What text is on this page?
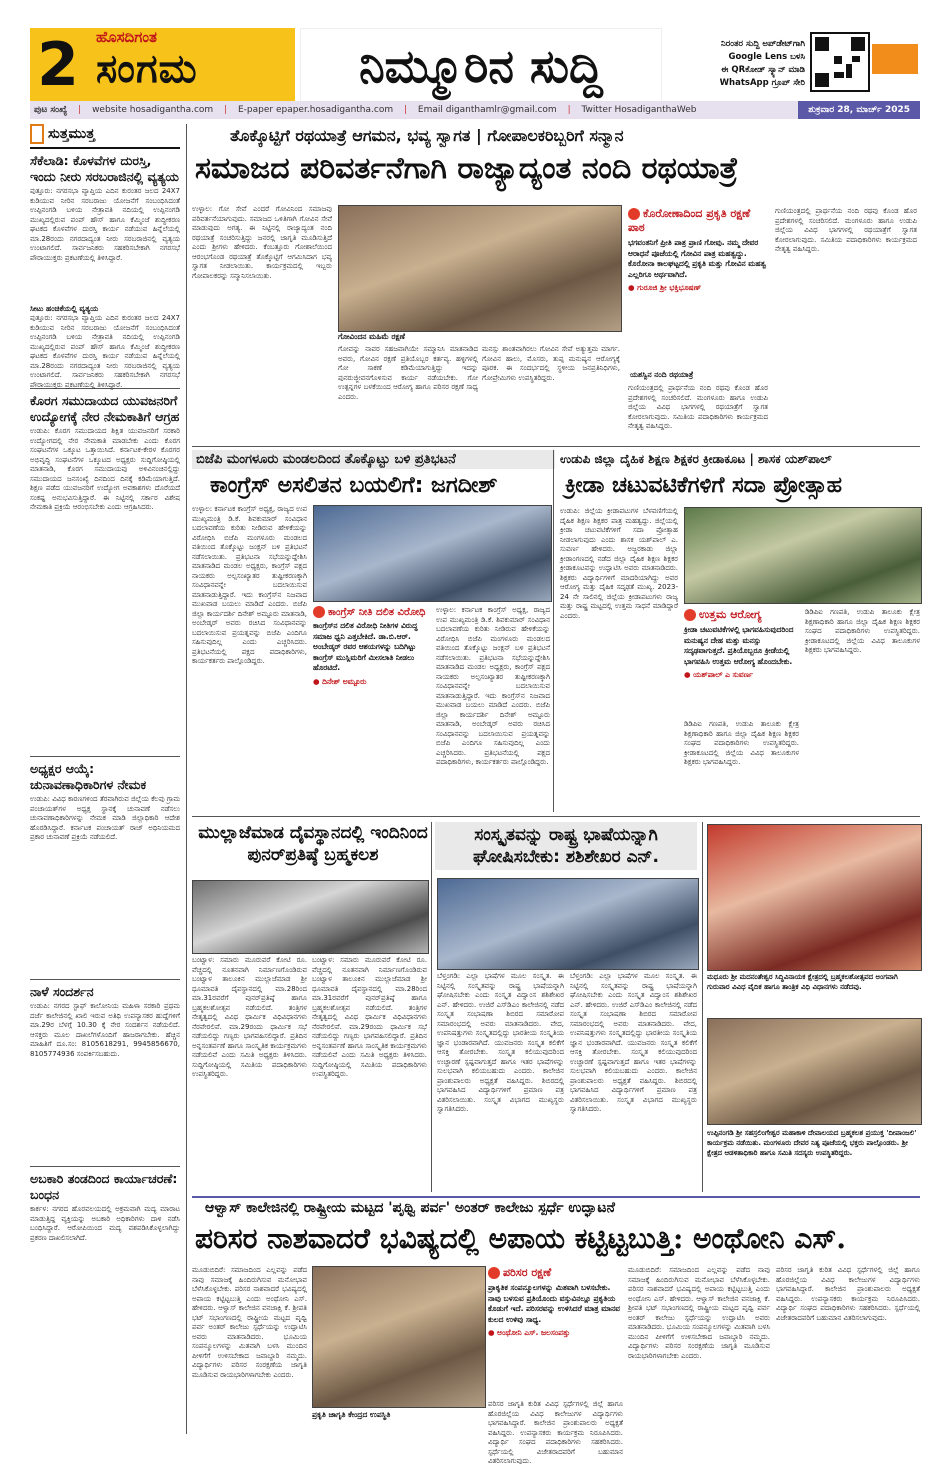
2	ಹೊಸದಿಗಂತ
ಸಂಗಮ	ನಿಮ್ಮೂರಿನ ಸುದ್ದಿ	ನಿರಂತರ ಸುದ್ದಿ ಅಪ್‌ಡೇಟ್‌ಗಾಗಿ
Google Lens ಬಳಸಿ
ಈ QR‌ಕೋಡ್ ಸ್ಕ್ಯಾನ್ ಮಾಡಿ
WhatsApp ಗ್ರೂಪ್ ಸೇರಿ
ಪುಟ ಸಂಖ್ಯೆ | website hosadigantha.com | E-paper epaper.hosadigantha.com | Email diganthamlr@gmail.com | Twitter HosadiganthaWeb	ಶುಕ್ರವಾರ 28, ಮಾರ್ಚ್ 2025
ಸುತ್ತಮುತ್ತ
ಸೆಕೆಲಾಡಿ: ಕೊಳವೆಗಳ ದುರಸ್ತಿ, ಇಂದು ನೀರು ಸರಬರಾಜಿನಲ್ಲಿ ವ್ಯತ್ಯಯ
ಪುತ್ತೂರು: ನಗರಸಭಾ ವ್ಯಾಪ್ತಿಯ ಎದಿನ ಕುರಂತರ ಜಲದ 24X7 ಕುಡಿಯುವ ನೀರಿನ ಸರಬರಾಜು ಯೋಜನೆಗೆ ಸಂಬಂಧಿಸಿದಂತೆ ಉಪ್ಪಿನಂಗಡಿ ಬಳಿಯ ನೇತ್ರಾವತಿ ನದಿಯಲ್ಲಿ ಉಪ್ಪಿನಂಗಡಿ ಮುಖ್ಯದಲ್ಲಿರುವ ಪಂಪ್ ಹೌಸ್ ಹಾಗೂ ಕೆಮ್ಮಿಂಜೆ ಶುದ್ಧೀಕರಣ ಘಟಕದ ಕೊಳವೆಗಳ ದುರಸ್ತಿ ಕಾರ್ಯ ನಡೆಯುವ ಹಿನ್ನೆಲೆಯಲ್ಲಿ ಮಾ.28ರಂದು ನಗರದಾದ್ಯಂತ ನೀರು ಸರಬರಾಜಿನಲ್ಲಿ ವ್ಯತ್ಯಯ ಉಂಟಾಗಲಿದೆ. ಸಾರ್ವಜನಿಕರು ಸಹಕರಿಸಬೇಕಾಗಿ ನಗರಸಭೆ ಪೌರಾಯುಕ್ತರು ಪ್ರಕಟಣೆಯಲ್ಲಿ ತಿಳಿಸಿದ್ದಾರೆ.
ಸೀಟು ಹಂಚಿಕೆಯಲ್ಲಿ ವ್ಯತ್ಯಯ
ಪುತ್ತೂರು: ನಗರಸಭಾ ವ್ಯಾಪ್ತಿಯ ಎದಿನ ಕುರಂತರ ಜಲದ 24X7 ಕುಡಿಯುವ ನೀರಿನ ಸರಬರಾಜು ಯೋಜನೆಗೆ ಸಂಬಂಧಿಸಿದಂತೆ ಉಪ್ಪಿನಂಗಡಿ ಬಳಿಯ ನೇತ್ರಾವತಿ ನದಿಯಲ್ಲಿ ಉಪ್ಪಿನಂಗಡಿ ಮುಖ್ಯದಲ್ಲಿರುವ ಪಂಪ್ ಹೌಸ್ ಹಾಗೂ ಕೆಮ್ಮಿಂಜೆ ಶುದ್ಧೀಕರಣ ಘಟಕದ ಕೊಳವೆಗಳ ದುರಸ್ತಿ ಕಾರ್ಯ ನಡೆಯುವ ಹಿನ್ನೆಲೆಯಲ್ಲಿ ಮಾ.28ರಂದು ನಗರದಾದ್ಯಂತ ನೀರು ಸರಬರಾಜಿನಲ್ಲಿ ವ್ಯತ್ಯಯ ಉಂಟಾಗಲಿದೆ. ಸಾರ್ವಜನಿಕರು ಸಹಕರಿಸಬೇಕಾಗಿ ನಗರಸಭೆ ಪೌರಾಯುಕ್ತರು ಪ್ರಕಟಣೆಯಲ್ಲಿ ತಿಳಿಸಿದ್ದಾರೆ.
ಕೊರಗ ಸಮುದಾಯದ ಯುವಜನರಿಗೆ ಉದ್ಯೋಗಕ್ಕೆ ನೇರ ನೇಮಕಾತಿಗೆ ಆಗ್ರಹ
ಉಡುಪಿ: ಕೊರಗ ಸಮುದಾಯದ ಶಿಕ್ಷಿತ ಯುವಜನರಿಗೆ ಸರಕಾರಿ ಉದ್ಯೋಗದಲ್ಲಿ ನೇರ ನೇಮಕಾತಿ ಮಾಡಬೇಕು ಎಂದು ಕೊರಗ ಸಂಘಟನೆಗಳ ಒಕ್ಕೂಟ ಒತ್ತಾಯಿಸಿದೆ. ಕರ್ನಾಟಕ-ಕೇರಳ ಕೊರಗರ ಅಭಿವೃದ್ಧಿ ಸಂಘಟನೆಗಳ ಒಕ್ಕೂಟದ ಅಧ್ಯಕ್ಷರು ಸುದ್ದಿಗೋಷ್ಠಿಯಲ್ಲಿ ಮಾತನಾಡಿ, ಕೊರಗ ಸಮುದಾಯವು ಅಳಿವಿನಂಚಿನಲ್ಲಿದ್ದು ಸಮುದಾಯದ ಜನಸಂಖ್ಯೆ ದಿನದಿಂದ ದಿನಕ್ಕೆ ಕಡಿಮೆಯಾಗುತ್ತಿದೆ. ಶಿಕ್ಷಣ ಪಡೆದ ಯುವಜನರಿಗೆ ಉದ್ಯೋಗ ಅವಕಾಶಗಳು ದೊರೆಯದೆ ಸಂಕಷ್ಟ ಅನುಭವಿಸುತ್ತಿದ್ದಾರೆ. ಈ ನಿಟ್ಟಿನಲ್ಲಿ ಸರ್ಕಾರ ವಿಶೇಷ ನೇಮಕಾತಿ ಪ್ರಕ್ರಿಯೆ ಆರಂಭಿಸಬೇಕು ಎಂದು ಆಗ್ರಹಿಸಿದರು.
ಅಧ್ಯಕ್ಷರ ಆಯ್ಕೆ: ಚುನಾವಣಾಧಿಕಾರಿಗಳ ನೇಮಕ
ಉಡುಪಿ: ವಿವಿಧ ಕಾರಣಗಳಿಂದ ತೆರವಾಗಿರುವ ಜಿಲ್ಲೆಯ ಕೆಲವು ಗ್ರಾಮ ಪಂಚಾಯತ್‌ಗಳ ಅಧ್ಯಕ್ಷ ಸ್ಥಾನಕ್ಕೆ ಚುನಾವಣೆ ನಡೆಸಲು ಚುನಾವಣಾಧಿಕಾರಿಗಳನ್ನು ನೇಮಕ ಮಾಡಿ ಜಿಲ್ಲಾಧಿಕಾರಿ ಆದೇಶ ಹೊರಡಿಸಿದ್ದಾರೆ. ಕರ್ನಾಟಕ ಪಂಚಾಯತ್ ರಾಜ್ ಅಧಿನಿಯಮದ ಪ್ರಕಾರ ಚುನಾವಣೆ ಪ್ರಕ್ರಿಯೆ ನಡೆಯಲಿದೆ.
ನಾಳೆ ಸಂದರ್ಶನ
ಉಡುಪಿ: ನಗರದ ಸ್ಟಾಫ್ ಕಾಲೋನಿಯ ಮಹಿಳಾ ಸರಕಾರಿ ಪ್ರಥಮ ದರ್ಜೆ ಕಾಲೇಜಿನಲ್ಲಿ ಖಾಲಿ ಇರುವ ಅತಿಥಿ ಉಪನ್ಯಾಸಕರ ಹುದ್ದೆಗಳಿಗೆ ಮಾ.29ರ ಬೆಳಗ್ಗೆ 10.30 ಕ್ಕೆ ನೇರ ಸಂದರ್ಶನ ನಡೆಯಲಿದೆ. ಆಸಕ್ತರು ಮೂಲ ದಾಖಲೆಗಳೊಂದಿಗೆ ಹಾಜರಾಗಬೇಕು. ಹೆಚ್ಚಿನ ಮಾಹಿತಿಗೆ ದೂ.ಸಂ: 8105618291, 9945856670, 8105774936 ಸಂಪರ್ಕಿಸಬಹುದು.
ಅಬಕಾರಿ ತಂಡದಿಂದ ಕಾರ್ಯಾಚರಣೆ: ಬಂಧನ
ಕಾರ್ಕಳ: ನಗರದ ಹೊರವಲಯದಲ್ಲಿ ಅಕ್ರಮವಾಗಿ ಮದ್ಯ ಮಾರಾಟ ಮಾಡುತ್ತಿದ್ದ ವ್ಯಕ್ತಿಯನ್ನು ಅಬಕಾರಿ ಅಧಿಕಾರಿಗಳು ದಾಳಿ ನಡೆಸಿ ಬಂಧಿಸಿದ್ದಾರೆ. ಆರೋಪಿಯಿಂದ ಮದ್ಯ ವಶಪಡಿಸಿಕೊಳ್ಳಲಾಗಿದ್ದು ಪ್ರಕರಣ ದಾಖಲಿಸಲಾಗಿದೆ.
ತೊಕ್ಕೊಟ್ಟಿಗೆ ರಥಯಾತ್ರೆ ಆಗಮನ, ಭವ್ಯ ಸ್ವಾಗತ | ಗೋಪಾಲಕರಿಬ್ಬರಿಗೆ ಸನ್ಮಾನ
ಸಮಾಜದ ಪರಿವರ್ತನೆಗಾಗಿ ರಾಜ್ಯಾದ್ಯಂತ ನಂದಿ ರಥಯಾತ್ರೆ
ಉಳ್ಳಾಲ: ಗೋ ಸೇವೆ ಎಂದರೆ ಗೋವಿನಿಂದ ಸಮಾಜವು ಪರಿವರ್ತನೆಯಾಗುವುದು. ಸಮಾಜದ ಒಳಿತಿಗಾಗಿ ಗೋವಿನ ಸೇವೆ ಮಾಡುವುದು ಅಗತ್ಯ. ಈ ನಿಟ್ಟಿನಲ್ಲಿ ರಾಜ್ಯಾದ್ಯಂತ ನಂದಿ ರಥಯಾತ್ರೆ ಸಂಚರಿಸುತ್ತಿದ್ದು ಜನರಲ್ಲಿ ಜಾಗೃತಿ ಮೂಡಿಸುತ್ತಿದೆ ಎಂದು ಶ್ರೀಗಳು ಹೇಳಿದರು. ಕೆಂಬತ್ತೂರು ಗೋಶಾಲೆಯಿಂದ ಆರಂಭಗೊಂಡ ರಥಯಾತ್ರೆ ತೊಕ್ಕೊಟ್ಟಿಗೆ ಆಗಮಿಸಿದಾಗ ಭವ್ಯ ಸ್ವಾಗತ ನೀಡಲಾಯಿತು. ಕಾರ್ಯಕ್ರಮದಲ್ಲಿ ಇಬ್ಬರು ಗೋಪಾಲಕರನ್ನು ಸನ್ಮಾನಿಸಲಾಯಿತು.
ಗೋವಿಂದನ ಮಹಿಮೆ ರಕ್ಷಣೆ
ಗೋವನ್ನು ನಾವರ ಸಹಜವಾಗಿಯೇ ಸಮ್ಮಾನಿಸಿ ಮಾತನಾಡಿದ ಅವರು, ಗೋವಿನ ರಕ್ಷಣೆ ಪ್ರತಿಯೊಬ್ಬರ ಕರ್ತವ್ಯ. ಹಳ್ಳಿಗಳಲ್ಲಿ ಗೋ ಸಾಕಣೆ ಕಡಿಮೆಯಾಗುತ್ತಿದ್ದು ಇದನ್ನು ಪುನರುಜ್ಜೀವನಗೊಳಿಸುವ ಕಾರ್ಯ ನಡೆಯಬೇಕು. ಗೋ ಉತ್ಪನ್ನಗಳ ಬಳಕೆಯಿಂದ ಆರೋಗ್ಯ ಹಾಗೂ ಪರಿಸರ ರಕ್ಷಣೆ ಸಾಧ್ಯ ಎಂದರು.
ಮನಸ್ಸು ಶಾಂತವಾಗಿರಲು ಗೋವಿನ ಸೇವೆ ಅತ್ಯುತ್ತಮ ಮಾರ್ಗ. ಗೋವಿನ ಹಾಲು, ಮೊಸರು, ತುಪ್ಪ ಮನುಷ್ಯನ ಆರೋಗ್ಯಕ್ಕೆ ಪೂರಕ. ಈ ಸಂದರ್ಭದಲ್ಲಿ ಸ್ಥಳೀಯ ಜನಪ್ರತಿನಿಧಿಗಳು, ಗೋಪ್ರೇಮಿಗಳು ಉಪಸ್ಥಿತರಿದ್ದರು.
ಕೊರೋಣಾದಿಂದ ಪ್ರಕೃತಿ ರಕ್ಷಣೆ ಪಾಠ
ಭಗವಂತನಿಗೆ ಪ್ರೀತಿ ಪಾತ್ರ ಪ್ರಾಣಿ ಗೋವು. ನಮ್ಮ ದೇವರ ಆರಾಧನೆ ಪೂಜೆಯಲ್ಲಿ ಗೋವಿನ ಪಾತ್ರ ಮಹತ್ವದ್ದು. ಕೊರೋನಾ ಕಾಲಘಟ್ಟದಲ್ಲಿ ಪ್ರಕೃತಿ ಮತ್ತು ಗೋವಿನ ಮಹತ್ವ ಎಲ್ಲರಿಗೂ ಅರ್ಥವಾಗಿದೆ.
● ಗುರೂಜಿ ಶ್ರೀ ಭಕ್ತಿಭೂಷಣ್
ಯಶಸ್ವಿನ ನಂದಿ ರಥಯಾತ್ರೆ
ಗುಣಿಯಂತ್ರದಲ್ಲಿ ಪ್ರಾರ್ಥನೆಯ ನಂದಿ ರಥವು ಕೊಂಡ ಹೊರ ಪ್ರದೇಶಗಳಲ್ಲಿ ಸಂಚರಿಸಲಿದೆ. ಮಂಗಳೂರು ಹಾಗೂ ಉಡುಪಿ ಜಿಲ್ಲೆಯ ವಿವಿಧ ಭಾಗಗಳಲ್ಲಿ ರಥಯಾತ್ರೆಗೆ ಸ್ವಾಗತ ಕೋರಲಾಗುವುದು. ಸಮಿತಿಯ ಪದಾಧಿಕಾರಿಗಳು ಕಾರ್ಯಕ್ರಮದ ನೇತೃತ್ವ ವಹಿಸಿದ್ದರು.
ಗುಣಿಯಂತ್ರದಲ್ಲಿ ಪ್ರಾರ್ಥನೆಯ ನಂದಿ ರಥವು ಕೊಂಡ ಹೊರ ಪ್ರದೇಶಗಳಲ್ಲಿ ಸಂಚರಿಸಲಿದೆ. ಮಂಗಳೂರು ಹಾಗೂ ಉಡುಪಿ ಜಿಲ್ಲೆಯ ವಿವಿಧ ಭಾಗಗಳಲ್ಲಿ ರಥಯಾತ್ರೆಗೆ ಸ್ವಾಗತ ಕೋರಲಾಗುವುದು. ಸಮಿತಿಯ ಪದಾಧಿಕಾರಿಗಳು ಕಾರ್ಯಕ್ರಮದ ನೇತೃತ್ವ ವಹಿಸಿದ್ದರು.
ಬಿಜೆಪಿ ಮಂಗಳೂರು ಮಂಡಲದಿಂದ ತೊಕ್ಕೊಟ್ಟು ಬಳಿ ಪ್ರತಿಭಟನೆ
ಕಾಂಗ್ರೆಸ್ ಅಸಲಿತನ ಬಯಲಿಗೆ: ಜಗದೀಶ್
ಉಳ್ಳಾಲ: ಕರ್ನಾಟಕ ಕಾಂಗ್ರೆಸ್ ಅಧ್ಯಕ್ಷ, ರಾಜ್ಯದ ಉಪ ಮುಖ್ಯಮಂತ್ರಿ ಡಿ.ಕೆ. ಶಿವಕುಮಾರ್ ಸಂವಿಧಾನ ಬದಲಾವಣೆಯ ಕುರಿತು ನೀಡಿರುವ ಹೇಳಿಕೆಯನ್ನು ವಿರೋಧಿಸಿ ಬಿಜೆಪಿ ಮಂಗಳೂರು ಮಂಡಲದ ವತಿಯಿಂದ ತೊಕ್ಕೊಟ್ಟು ಜಂಕ್ಷನ್ ಬಳಿ ಪ್ರತಿಭಟನೆ ನಡೆಸಲಾಯಿತು. ಪ್ರತಿಭಟನಾ ಸಭೆಯನ್ನುದ್ದೇಶಿಸಿ ಮಾತನಾಡಿದ ಮಂಡಲ ಅಧ್ಯಕ್ಷರು, ಕಾಂಗ್ರೆಸ್ ಪಕ್ಷದ ನಾಯಕರು ಅಲ್ಪಸಂಖ್ಯಾತರ ತುಷ್ಟೀಕರಣಕ್ಕಾಗಿ ಸಂವಿಧಾನವನ್ನೇ ಬದಲಾಯಿಸುವ ಮಾತನಾಡುತ್ತಿದ್ದಾರೆ. ಇದು ಕಾಂಗ್ರೆಸ್‌ನ ನಿಜವಾದ ಮುಖವಾಡ ಬಯಲು ಮಾಡಿದೆ ಎಂದರು. ಬಿಜೆಪಿ ಜಿಲ್ಲಾ ಕಾರ್ಯದರ್ಶಿ ದಿನೇಶ್ ಅಮ್ಟೂರು ಮಾತನಾಡಿ, ಅಂಬೇಡ್ಕರ್ ಅವರು ರಚಿಸಿದ ಸಂವಿಧಾನವನ್ನು ಬದಲಾಯಿಸುವ ಪ್ರಯತ್ನವನ್ನು ಬಿಜೆಪಿ ಎಂದಿಗೂ ಸಹಿಸುವುದಿಲ್ಲ ಎಂದು ಎಚ್ಚರಿಸಿದರು. ಪ್ರತಿಭಟನೆಯಲ್ಲಿ ಪಕ್ಷದ ಪದಾಧಿಕಾರಿಗಳು, ಕಾರ್ಯಕರ್ತರು ಪಾಲ್ಗೊಂಡಿದ್ದರು.
ಕಾಂಗ್ರೆಸ್ ನೀತಿ ದಲಿತ ವಿರೋಧಿ
ಕಾಂಗ್ರೆಸ್‌ನ ದಲಿತ ವಿರೋಧಿ ನೀತಿಗಳ ವಿರುದ್ಧ ಸಮಾಜ ಧ್ವನಿ ಎತ್ತಬೇಕಿದೆ. ಡಾ.ಬಿ.ಆರ್. ಅಂಬೇಡ್ಕರ್ ರವರ ಆಶಯಗಳನ್ನು ಬದಿಗಿಟ್ಟು ಕಾಂಗ್ರೆಸ್ ಮುಸ್ಲಿಮರಿಗೆ ಮೀಸಲಾತಿ ನೀಡಲು ಹೊರಟಿದೆ.
● ದಿನೇಶ್ ಅಮ್ಟೂರು
ಉಳ್ಳಾಲ: ಕರ್ನಾಟಕ ಕಾಂಗ್ರೆಸ್ ಅಧ್ಯಕ್ಷ, ರಾಜ್ಯದ ಉಪ ಮುಖ್ಯಮಂತ್ರಿ ಡಿ.ಕೆ. ಶಿವಕುಮಾರ್ ಸಂವಿಧಾನ ಬದಲಾವಣೆಯ ಕುರಿತು ನೀಡಿರುವ ಹೇಳಿಕೆಯನ್ನು ವಿರೋಧಿಸಿ ಬಿಜೆಪಿ ಮಂಗಳೂರು ಮಂಡಲದ ವತಿಯಿಂದ ತೊಕ್ಕೊಟ್ಟು ಜಂಕ್ಷನ್ ಬಳಿ ಪ್ರತಿಭಟನೆ ನಡೆಸಲಾಯಿತು. ಪ್ರತಿಭಟನಾ ಸಭೆಯನ್ನುದ್ದೇಶಿಸಿ ಮಾತನಾಡಿದ ಮಂಡಲ ಅಧ್ಯಕ್ಷರು, ಕಾಂಗ್ರೆಸ್ ಪಕ್ಷದ ನಾಯಕರು ಅಲ್ಪಸಂಖ್ಯಾತರ ತುಷ್ಟೀಕರಣಕ್ಕಾಗಿ ಸಂವಿಧಾನವನ್ನೇ ಬದಲಾಯಿಸುವ ಮಾತನಾಡುತ್ತಿದ್ದಾರೆ. ಇದು ಕಾಂಗ್ರೆಸ್‌ನ ನಿಜವಾದ ಮುಖವಾಡ ಬಯಲು ಮಾಡಿದೆ ಎಂದರು. ಬಿಜೆಪಿ ಜಿಲ್ಲಾ ಕಾರ್ಯದರ್ಶಿ ದಿನೇಶ್ ಅಮ್ಟೂರು ಮಾತನಾಡಿ, ಅಂಬೇಡ್ಕರ್ ಅವರು ರಚಿಸಿದ ಸಂವಿಧಾನವನ್ನು ಬದಲಾಯಿಸುವ ಪ್ರಯತ್ನವನ್ನು ಬಿಜೆಪಿ ಎಂದಿಗೂ ಸಹಿಸುವುದಿಲ್ಲ ಎಂದು ಎಚ್ಚರಿಸಿದರು. ಪ್ರತಿಭಟನೆಯಲ್ಲಿ ಪಕ್ಷದ ಪದಾಧಿಕಾರಿಗಳು, ಕಾರ್ಯಕರ್ತರು ಪಾಲ್ಗೊಂಡಿದ್ದರು.
ಉಡುಪಿ ಜಿಲ್ಲಾ ದೈಹಿಕ ಶಿಕ್ಷಣ ಶಿಕ್ಷಕರ ಕ್ರೀಡಾಕೂಟ | ಶಾಸಕ ಯಶ್‌ಪಾಲ್
ಕ್ರೀಡಾ ಚಟುವಟಿಕೆಗಳಿಗೆ ಸದಾ ಪ್ರೋತ್ಸಾಹ
ಉಡುಪಿ: ಜಿಲ್ಲೆಯ ಕ್ರೀಡಾಪಟುಗಳ ಬೆಳವಣಿಗೆಯಲ್ಲಿ ದೈಹಿಕ ಶಿಕ್ಷಣ ಶಿಕ್ಷಕರ ಪಾತ್ರ ಮಹತ್ವದ್ದು. ಜಿಲ್ಲೆಯಲ್ಲಿ ಕ್ರೀಡಾ ಚಟುವಟಿಕೆಗಳಿಗೆ ಸದಾ ಪ್ರೋತ್ಸಾಹ ನೀಡಲಾಗುವುದು ಎಂದು ಶಾಸಕ ಯಶ್‌ಪಾಲ್ ಎ. ಸುವರ್ಣ ಹೇಳಿದರು. ಅಜ್ಜರಕಾಡು ಜಿಲ್ಲಾ ಕ್ರೀಡಾಂಗಣದಲ್ಲಿ ನಡೆದ ಜಿಲ್ಲಾ ದೈಹಿಕ ಶಿಕ್ಷಣ ಶಿಕ್ಷಕರ ಕ್ರೀಡಾಕೂಟವನ್ನು ಉದ್ಘಾಟಿಸಿ ಅವರು ಮಾತನಾಡಿದರು. ಶಿಕ್ಷಕರು ವಿದ್ಯಾರ್ಥಿಗಳಿಗೆ ಮಾದರಿಯಾಗಿದ್ದು ಅವರ ಆರೋಗ್ಯ ಮತ್ತು ದೈಹಿಕ ಸದೃಢತೆ ಮುಖ್ಯ. 2023-24 ನೇ ಸಾಲಿನಲ್ಲಿ ಜಿಲ್ಲೆಯ ಕ್ರೀಡಾಪಟುಗಳು ರಾಜ್ಯ ಮತ್ತು ರಾಷ್ಟ್ರ ಮಟ್ಟದಲ್ಲಿ ಉತ್ತಮ ಸಾಧನೆ ಮಾಡಿದ್ದಾರೆ ಎಂದರು.	ಉತ್ತಮ ಆರೋಗ್ಯ
ಕ್ರೀಡಾ ಚಟುವಟಿಕೆಗಳಲ್ಲಿ ಭಾಗವಹಿಸುವುದರಿಂದ ಮನುಷ್ಯನ ದೇಹ ಮತ್ತು ಮನಸ್ಸು ಸದೃಢವಾಗುತ್ತದೆ. ಪ್ರತಿಯೊಬ್ಬರೂ ಕ್ರೀಡೆಯಲ್ಲಿ ಭಾಗವಹಿಸಿ ಉತ್ತಮ ಆರೋಗ್ಯ ಹೊಂದಬೇಕು.
● ಯಶ್‌ಪಾಲ್ ಎ ಸುವರ್ಣ
ಡಿಡಿಪಿಐ ಗಣಪತಿ, ಉಡುಪಿ ತಾಲೂಕು ಕ್ಷೇತ್ರ ಶಿಕ್ಷಣಾಧಿಕಾರಿ ಹಾಗೂ ಜಿಲ್ಲಾ ದೈಹಿಕ ಶಿಕ್ಷಣ ಶಿಕ್ಷಕರ ಸಂಘದ ಪದಾಧಿಕಾರಿಗಳು ಉಪಸ್ಥಿತರಿದ್ದರು. ಕ್ರೀಡಾಕೂಟದಲ್ಲಿ ಜಿಲ್ಲೆಯ ವಿವಿಧ ತಾಲೂಕುಗಳ ಶಿಕ್ಷಕರು ಭಾಗವಹಿಸಿದ್ದರು.
ಡಿಡಿಪಿಐ ಗಣಪತಿ, ಉಡುಪಿ ತಾಲೂಕು ಕ್ಷೇತ್ರ ಶಿಕ್ಷಣಾಧಿಕಾರಿ ಹಾಗೂ ಜಿಲ್ಲಾ ದೈಹಿಕ ಶಿಕ್ಷಣ ಶಿಕ್ಷಕರ ಸಂಘದ ಪದಾಧಿಕಾರಿಗಳು ಉಪಸ್ಥಿತರಿದ್ದರು. ಕ್ರೀಡಾಕೂಟದಲ್ಲಿ ಜಿಲ್ಲೆಯ ವಿವಿಧ ತಾಲೂಕುಗಳ ಶಿಕ್ಷಕರು ಭಾಗವಹಿಸಿದ್ದರು.
ಮುಲ್ಲಾಜೆಮಾಡ ದೈವಸ್ಥಾನದಲ್ಲಿ ಇಂದಿನಿಂದ ಪುನರ್‌ಪ್ರತಿಷ್ಠೆ ಬ್ರಹ್ಮಕಲಶ
ಬಂಟ್ವಾಳ: ಸಮಾರು ಮೂರುವರೆ ಕೋಟಿ ರೂ. ವೆಚ್ಚದಲ್ಲಿ ನೂತನವಾಗಿ ನಿರ್ಮಾಣಗೊಂಡಿರುವ ಬಂಟ್ವಾಳ ತಾಲೂಕಿನ ಮುಲ್ಲಾಜೆಮಾಡ ಶ್ರೀ ಧೂಮಾವತಿ ದೈವಸ್ಥಾನದಲ್ಲಿ ಮಾ.28ರಿಂದ ಮಾ.31ರವರೆಗೆ ಪುನರ್‌ಪ್ರತಿಷ್ಠೆ ಹಾಗೂ ಬ್ರಹ್ಮಕಲಶೋತ್ಸವ ನಡೆಯಲಿದೆ. ತಂತ್ರಿಗಳ ನೇತೃತ್ವದಲ್ಲಿ ವಿವಿಧ ಧಾರ್ಮಿಕ ವಿಧಿವಿಧಾನಗಳು ನೆರವೇರಲಿವೆ. ಮಾ.29ರಂದು ಧಾರ್ಮಿಕ ಸಭೆ ನಡೆಯಲಿದ್ದು ಗಣ್ಯರು ಭಾಗವಹಿಸಲಿದ್ದಾರೆ. ಪ್ರತಿದಿನ ಅನ್ನಸಂತರ್ಪಣೆ ಹಾಗೂ ಸಾಂಸ್ಕೃತಿಕ ಕಾರ್ಯಕ್ರಮಗಳು ನಡೆಯಲಿವೆ ಎಂದು ಸಮಿತಿ ಅಧ್ಯಕ್ಷರು ತಿಳಿಸಿದರು. ಸುದ್ದಿಗೋಷ್ಠಿಯಲ್ಲಿ ಸಮಿತಿಯ ಪದಾಧಿಕಾರಿಗಳು ಉಪಸ್ಥಿತರಿದ್ದರು.
ಬಂಟ್ವಾಳ: ಸಮಾರು ಮೂರುವರೆ ಕೋಟಿ ರೂ. ವೆಚ್ಚದಲ್ಲಿ ನೂತನವಾಗಿ ನಿರ್ಮಾಣಗೊಂಡಿರುವ ಬಂಟ್ವಾಳ ತಾಲೂಕಿನ ಮುಲ್ಲಾಜೆಮಾಡ ಶ್ರೀ ಧೂಮಾವತಿ ದೈವಸ್ಥಾನದಲ್ಲಿ ಮಾ.28ರಿಂದ ಮಾ.31ರವರೆಗೆ ಪುನರ್‌ಪ್ರತಿಷ್ಠೆ ಹಾಗೂ ಬ್ರಹ್ಮಕಲಶೋತ್ಸವ ನಡೆಯಲಿದೆ. ತಂತ್ರಿಗಳ ನೇತೃತ್ವದಲ್ಲಿ ವಿವಿಧ ಧಾರ್ಮಿಕ ವಿಧಿವಿಧಾನಗಳು ನೆರವೇರಲಿವೆ. ಮಾ.29ರಂದು ಧಾರ್ಮಿಕ ಸಭೆ ನಡೆಯಲಿದ್ದು ಗಣ್ಯರು ಭಾಗವಹಿಸಲಿದ್ದಾರೆ. ಪ್ರತಿದಿನ ಅನ್ನಸಂತರ್ಪಣೆ ಹಾಗೂ ಸಾಂಸ್ಕೃತಿಕ ಕಾರ್ಯಕ್ರಮಗಳು ನಡೆಯಲಿವೆ ಎಂದು ಸಮಿತಿ ಅಧ್ಯಕ್ಷರು ತಿಳಿಸಿದರು. ಸುದ್ದಿಗೋಷ್ಠಿಯಲ್ಲಿ ಸಮಿತಿಯ ಪದಾಧಿಕಾರಿಗಳು ಉಪಸ್ಥಿತರಿದ್ದರು.
ಸಂಸ್ಕೃತವನ್ನು ರಾಷ್ಟ್ರ ಭಾಷೆಯನ್ನಾಗಿ ಘೋಷಿಸಬೇಕು: ಶಶಿಶೇಖರ ಎನ್.
ಬೆಳ್ತಂಗಡಿ: ಎಲ್ಲಾ ಭಾಷೆಗಳ ಮೂಲ ಸಂಸ್ಕೃತ. ಈ ನಿಟ್ಟಿನಲ್ಲಿ ಸಂಸ್ಕೃತವನ್ನು ರಾಷ್ಟ್ರ ಭಾಷೆಯನ್ನಾಗಿ ಘೋಷಿಸಬೇಕು ಎಂದು ಸಂಸ್ಕೃತ ವಿದ್ವಾಂಸ ಶಶಿಶೇಖರ ಎನ್. ಹೇಳಿದರು. ಉಜಿರೆ ಎಸ್‌ಡಿಎಂ ಕಾಲೇಜಿನಲ್ಲಿ ನಡೆದ ಸಂಸ್ಕೃತ ಸಂಭಾಷಣಾ ಶಿಬಿರದ ಸಮಾರೋಪ ಸಮಾರಂಭದಲ್ಲಿ ಅವರು ಮಾತನಾಡಿದರು. ವೇದ, ಉಪನಿಷತ್ತುಗಳು ಸಂಸ್ಕೃತದಲ್ಲಿದ್ದು ಭಾರತೀಯ ಸಂಸ್ಕೃತಿಯ ಜ್ಞಾನ ಭಂಡಾರವಾಗಿದೆ. ಯುವಜನರು ಸಂಸ್ಕೃತ ಕಲಿಕೆಗೆ ಆಸಕ್ತಿ ತೋರಬೇಕು. ಸಂಸ್ಕೃತ ಕಲಿಯುವುದರಿಂದ ಉಚ್ಚಾರಣೆ ಸ್ಪಷ್ಟವಾಗುತ್ತದೆ ಹಾಗೂ ಇತರ ಭಾಷೆಗಳನ್ನು ಸುಲಭವಾಗಿ ಕಲಿಯಬಹುದು ಎಂದರು. ಕಾಲೇಜಿನ ಪ್ರಾಂಶುಪಾಲರು ಅಧ್ಯಕ್ಷತೆ ವಹಿಸಿದ್ದರು. ಶಿಬಿರದಲ್ಲಿ ಭಾಗವಹಿಸಿದ ವಿದ್ಯಾರ್ಥಿಗಳಿಗೆ ಪ್ರಮಾಣ ಪತ್ರ ವಿತರಿಸಲಾಯಿತು. ಸಂಸ್ಕೃತ ವಿಭಾಗದ ಮುಖ್ಯಸ್ಥರು ಸ್ವಾಗತಿಸಿದರು.
ಬೆಳ್ತಂಗಡಿ: ಎಲ್ಲಾ ಭಾಷೆಗಳ ಮೂಲ ಸಂಸ್ಕೃತ. ಈ ನಿಟ್ಟಿನಲ್ಲಿ ಸಂಸ್ಕೃತವನ್ನು ರಾಷ್ಟ್ರ ಭಾಷೆಯನ್ನಾಗಿ ಘೋಷಿಸಬೇಕು ಎಂದು ಸಂಸ್ಕೃತ ವಿದ್ವಾಂಸ ಶಶಿಶೇಖರ ಎನ್. ಹೇಳಿದರು. ಉಜಿರೆ ಎಸ್‌ಡಿಎಂ ಕಾಲೇಜಿನಲ್ಲಿ ನಡೆದ ಸಂಸ್ಕೃತ ಸಂಭಾಷಣಾ ಶಿಬಿರದ ಸಮಾರೋಪ ಸಮಾರಂಭದಲ್ಲಿ ಅವರು ಮಾತನಾಡಿದರು. ವೇದ, ಉಪನಿಷತ್ತುಗಳು ಸಂಸ್ಕೃತದಲ್ಲಿದ್ದು ಭಾರತೀಯ ಸಂಸ್ಕೃತಿಯ ಜ್ಞಾನ ಭಂಡಾರವಾಗಿದೆ. ಯುವಜನರು ಸಂಸ್ಕೃತ ಕಲಿಕೆಗೆ ಆಸಕ್ತಿ ತೋರಬೇಕು. ಸಂಸ್ಕೃತ ಕಲಿಯುವುದರಿಂದ ಉಚ್ಚಾರಣೆ ಸ್ಪಷ್ಟವಾಗುತ್ತದೆ ಹಾಗೂ ಇತರ ಭಾಷೆಗಳನ್ನು ಸುಲಭವಾಗಿ ಕಲಿಯಬಹುದು ಎಂದರು. ಕಾಲೇಜಿನ ಪ್ರಾಂಶುಪಾಲರು ಅಧ್ಯಕ್ಷತೆ ವಹಿಸಿದ್ದರು. ಶಿಬಿರದಲ್ಲಿ ಭಾಗವಹಿಸಿದ ವಿದ್ಯಾರ್ಥಿಗಳಿಗೆ ಪ್ರಮಾಣ ಪತ್ರ ವಿತರಿಸಲಾಯಿತು. ಸಂಸ್ಕೃತ ವಿಭಾಗದ ಮುಖ್ಯಸ್ಥರು ಸ್ವಾಗತಿಸಿದರು.
ಮಧೂರು ಶ್ರೀ ಮದನಂತೇಶ್ವರ ಸಿದ್ಧಿವಿನಾಯಕ ಕ್ಷೇತ್ರದಲ್ಲಿ ಬ್ರಹ್ಮಕಲಶೋತ್ಸವದ ಅಂಗವಾಗಿ ಗುರುವಾರ ವಿವಿಧ ವೈದಿಕ ಹಾಗೂ ತಾಂತ್ರಿಕ ವಿಧಿ ವಿಧಾನಗಳು ನಡೆದವು.
ಉಪ್ಪಿನಂಗಡಿ ಶ್ರೀ ಸಹಸ್ರಲಿಂಗೇಶ್ವರ ಮಹಾಕಾಳಿ ದೇವಾಲಯದ ಬ್ರಹ್ಮಕಲಶ ಪ್ರಯುಕ್ತ 'ದೀಪಾಂಜಲಿ' ಕಾರ್ಯಕ್ರಮ ನಡೆಯಿತು. ಮಂಗಳೂರು ದೇವರ ನಿತ್ಯ ಪೂಜೆಯಲ್ಲಿ ಭಕ್ತರು ಪಾಲ್ಗೊಂಡರು. ಶ್ರೀ ಕ್ಷೇತ್ರದ ಆಡಳಿತಾಧಿಕಾರಿ ಹಾಗೂ ಸಮಿತಿ ಸದಸ್ಯರು ಉಪಸ್ಥಿತರಿದ್ದರು.
ಆಳ್ವಾಸ್ ಕಾಲೇಜಿನಲ್ಲಿ ರಾಷ್ಟ್ರೀಯ ಮಟ್ಟದ 'ಪೃಥ್ವಿ ಪರ್ವ' ಅಂತರ್ ಕಾಲೇಜು ಸ್ಪರ್ಧೆ ಉದ್ಘಾಟನೆ
ಪರಿಸರ ನಾಶವಾದರೆ ಭವಿಷ್ಯದಲ್ಲಿ ಅಪಾಯ ಕಟ್ಟಿಟ್ಟಬುತ್ತಿ: ಅಂಥೋನಿ ಎಸ್.
ಮೂಡುಬಿದಿರೆ: ಸಮಾಜದಿಂದ ಎಲ್ಲವನ್ನು ಪಡೆದ ನಾವು ಸಮಾಜಕ್ಕೆ ಹಿಂದಿರುಗಿಸುವ ಮನೋಭಾವ ಬೆಳೆಸಿಕೊಳ್ಳಬೇಕು. ಪರಿಸರ ನಾಶವಾದರೆ ಭವಿಷ್ಯದಲ್ಲಿ ಅಪಾಯ ಕಟ್ಟಿಟ್ಟಬುತ್ತಿ ಎಂದು ಅಂಥೋನಿ ಎಸ್. ಹೇಳಿದರು. ಆಳ್ವಾಸ್ ಕಾಲೇಜಿನ ವನಜಾಕ್ಷಿ ಕೆ. ಶ್ರೀಪತಿ ಭಟ್ ಸಭಾಂಗಣದಲ್ಲಿ ರಾಷ್ಟ್ರೀಯ ಮಟ್ಟದ ಪೃಥ್ವಿ ಪರ್ವ ಅಂತರ್ ಕಾಲೇಜು ಸ್ಪರ್ಧೆಯನ್ನು ಉದ್ಘಾಟಿಸಿ ಅವರು ಮಾತನಾಡಿದರು. ಭೂಮಿಯ ಸಂಪನ್ಮೂಲಗಳನ್ನು ಮಿತವಾಗಿ ಬಳಸಿ ಮುಂದಿನ ಪೀಳಿಗೆಗೆ ಉಳಿಸಬೇಕಾದ ಜವಾಬ್ದಾರಿ ನಮ್ಮದು. ವಿದ್ಯಾರ್ಥಿಗಳು ಪರಿಸರ ಸಂರಕ್ಷಣೆಯ ಜಾಗೃತಿ ಮೂಡಿಸುವ ರಾಯಭಾರಿಗಳಾಗಬೇಕು ಎಂದರು.
ಪ್ರಕೃತಿ ಜಾಗೃತಿ ಕೇಂದ್ರದ ಉಪಸ್ಥಿತಿ
ಪರಿಸರ ರಕ್ಷಣೆ
ಪ್ರಾಕೃತಿಕ ಸಂಪನ್ಮೂಲಗಳನ್ನು ಮಿತವಾಗಿ ಬಳಸಬೇಕು. ನಾವು ಬಳಸುವ ಪ್ರತಿಯೊಂದು ವಸ್ತುವಿನಲ್ಲೂ ಪ್ರಕೃತಿಯ ಕೊಡುಗೆ ಇದೆ. ಪರಿಸರವನ್ನು ಉಳಿಸಿದರೆ ಮಾತ್ರ ಮಾನವ ಕುಲದ ಉಳಿವು ಸಾಧ್ಯ.
● ಅಂಥೋನಿ ಎಸ್. ಜಲಸಂಪತ್ತು
ಪರಿಸರ ಜಾಗೃತಿ ಕುರಿತ ವಿವಿಧ ಸ್ಪರ್ಧೆಗಳಲ್ಲಿ ಜಿಲ್ಲೆ ಹಾಗೂ ಹೊರಜಿಲ್ಲೆಯ ವಿವಿಧ ಕಾಲೇಜುಗಳ ವಿದ್ಯಾರ್ಥಿಗಳು ಭಾಗವಹಿಸಿದ್ದಾರೆ. ಕಾಲೇಜಿನ ಪ್ರಾಂಶುಪಾಲರು ಅಧ್ಯಕ್ಷತೆ ವಹಿಸಿದ್ದರು. ಉಪನ್ಯಾಸಕರು ಕಾರ್ಯಕ್ರಮ ನಿರೂಪಿಸಿದರು. ವಿದ್ಯಾರ್ಥಿ ಸಂಘದ ಪದಾಧಿಕಾರಿಗಳು ಸಹಕರಿಸಿದರು. ಸ್ಪರ್ಧೆಯಲ್ಲಿ ವಿಜೇತರಾದವರಿಗೆ ಬಹುಮಾನ ವಿತರಿಸಲಾಗುವುದು.
ಮೂಡುಬಿದಿರೆ: ಸಮಾಜದಿಂದ ಎಲ್ಲವನ್ನು ಪಡೆದ ನಾವು ಸಮಾಜಕ್ಕೆ ಹಿಂದಿರುಗಿಸುವ ಮನೋಭಾವ ಬೆಳೆಸಿಕೊಳ್ಳಬೇಕು. ಪರಿಸರ ನಾಶವಾದರೆ ಭವಿಷ್ಯದಲ್ಲಿ ಅಪಾಯ ಕಟ್ಟಿಟ್ಟಬುತ್ತಿ ಎಂದು ಅಂಥೋನಿ ಎಸ್. ಹೇಳಿದರು. ಆಳ್ವಾಸ್ ಕಾಲೇಜಿನ ವನಜಾಕ್ಷಿ ಕೆ. ಶ್ರೀಪತಿ ಭಟ್ ಸಭಾಂಗಣದಲ್ಲಿ ರಾಷ್ಟ್ರೀಯ ಮಟ್ಟದ ಪೃಥ್ವಿ ಪರ್ವ ಅಂತರ್ ಕಾಲೇಜು ಸ್ಪರ್ಧೆಯನ್ನು ಉದ್ಘಾಟಿಸಿ ಅವರು ಮಾತನಾಡಿದರು. ಭೂಮಿಯ ಸಂಪನ್ಮೂಲಗಳನ್ನು ಮಿತವಾಗಿ ಬಳಸಿ ಮುಂದಿನ ಪೀಳಿಗೆಗೆ ಉಳಿಸಬೇಕಾದ ಜವಾಬ್ದಾರಿ ನಮ್ಮದು. ವಿದ್ಯಾರ್ಥಿಗಳು ಪರಿಸರ ಸಂರಕ್ಷಣೆಯ ಜಾಗೃತಿ ಮೂಡಿಸುವ ರಾಯಭಾರಿಗಳಾಗಬೇಕು ಎಂದರು.
ಪರಿಸರ ಜಾಗೃತಿ ಕುರಿತ ವಿವಿಧ ಸ್ಪರ್ಧೆಗಳಲ್ಲಿ ಜಿಲ್ಲೆ ಹಾಗೂ ಹೊರಜಿಲ್ಲೆಯ ವಿವಿಧ ಕಾಲೇಜುಗಳ ವಿದ್ಯಾರ್ಥಿಗಳು ಭಾಗವಹಿಸಿದ್ದಾರೆ. ಕಾಲೇಜಿನ ಪ್ರಾಂಶುಪಾಲರು ಅಧ್ಯಕ್ಷತೆ ವಹಿಸಿದ್ದರು. ಉಪನ್ಯಾಸಕರು ಕಾರ್ಯಕ್ರಮ ನಿರೂಪಿಸಿದರು. ವಿದ್ಯಾರ್ಥಿ ಸಂಘದ ಪದಾಧಿಕಾರಿಗಳು ಸಹಕರಿಸಿದರು. ಸ್ಪರ್ಧೆಯಲ್ಲಿ ವಿಜೇತರಾದವರಿಗೆ ಬಹುಮಾನ ವಿತರಿಸಲಾಗುವುದು.
